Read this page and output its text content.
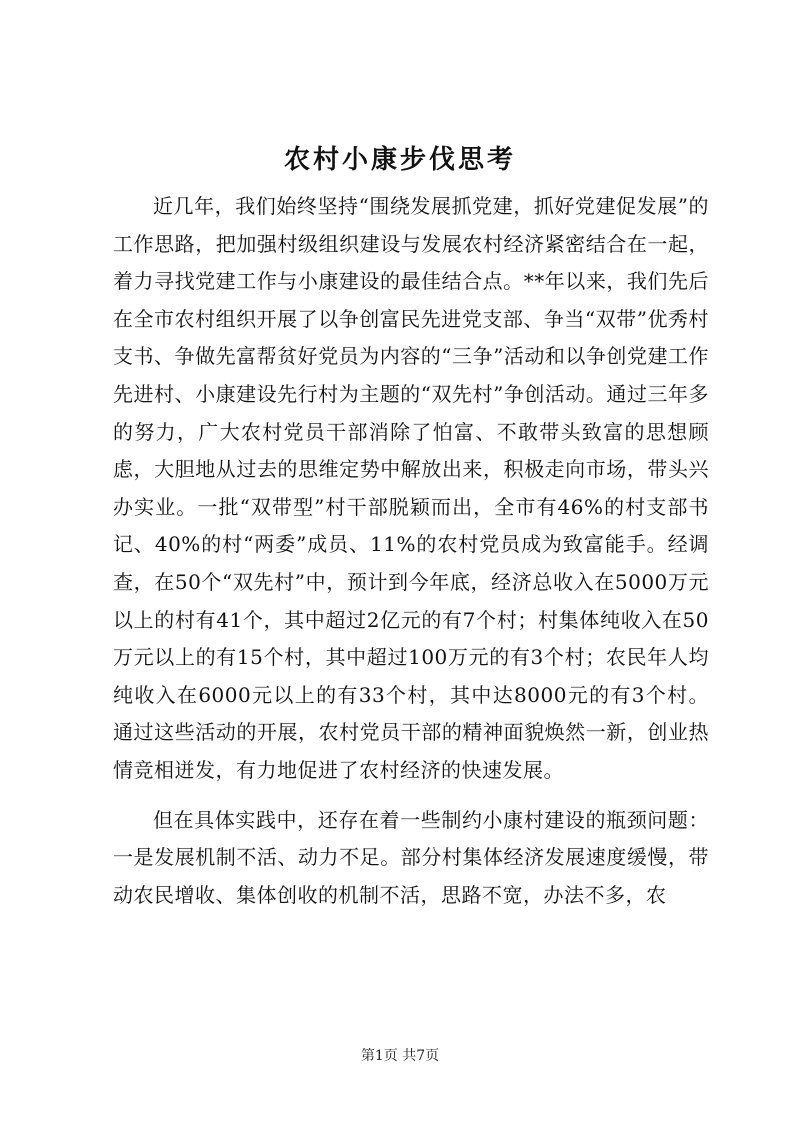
农村小康步伐思考

近几年，我们始终坚持“围绕发展抓党建，抓好党建促发展”的工作思路，把加强村级组织建设与发展农村经济紧密结合在一起，着力寻找党建工作与小康建设的最佳结合点。**年以来，我们先后在全市农村组织开展了以争创富民先进党支部、争当“双带”优秀村支书、争做先富帮贫好党员为内容的“三争”活动和以争创党建工作先进村、小康建设先行村为主题的“双先村”争创活动。通过三年多的努力，广大农村党员干部消除了怕富、不敢带头致富的思想顾虑，大胆地从过去的思维定势中解放出来，积极走向市场，带头兴办实业。一批“双带型”村干部脱颖而出，全市有46%的村支部书记、40%的村“两委”成员、11%的农村党员成为致富能手。经调查，在50个“双先村”中，预计到今年底，经济总收入在5000万元以上的村有41个，其中超过2亿元的有7个村；村集体纯收入在50万元以上的有15个村，其中超过100万元的有3个村；农民年人均纯收入在6000元以上的有33个村，其中达8000元的有3个村。通过这些活动的开展，农村党员干部的精神面貌焕然一新，创业热情竞相迸发，有力地促进了农村经济的快速发展。

但在具体实践中，还存在着一些制约小康村建设的瓶颈问题：一是发展机制不活、动力不足。部分村集体经济发展速度缓慢，带动农民增收、集体创收的机制不活，思路不宽，办法不多，农

第1页 共7页
